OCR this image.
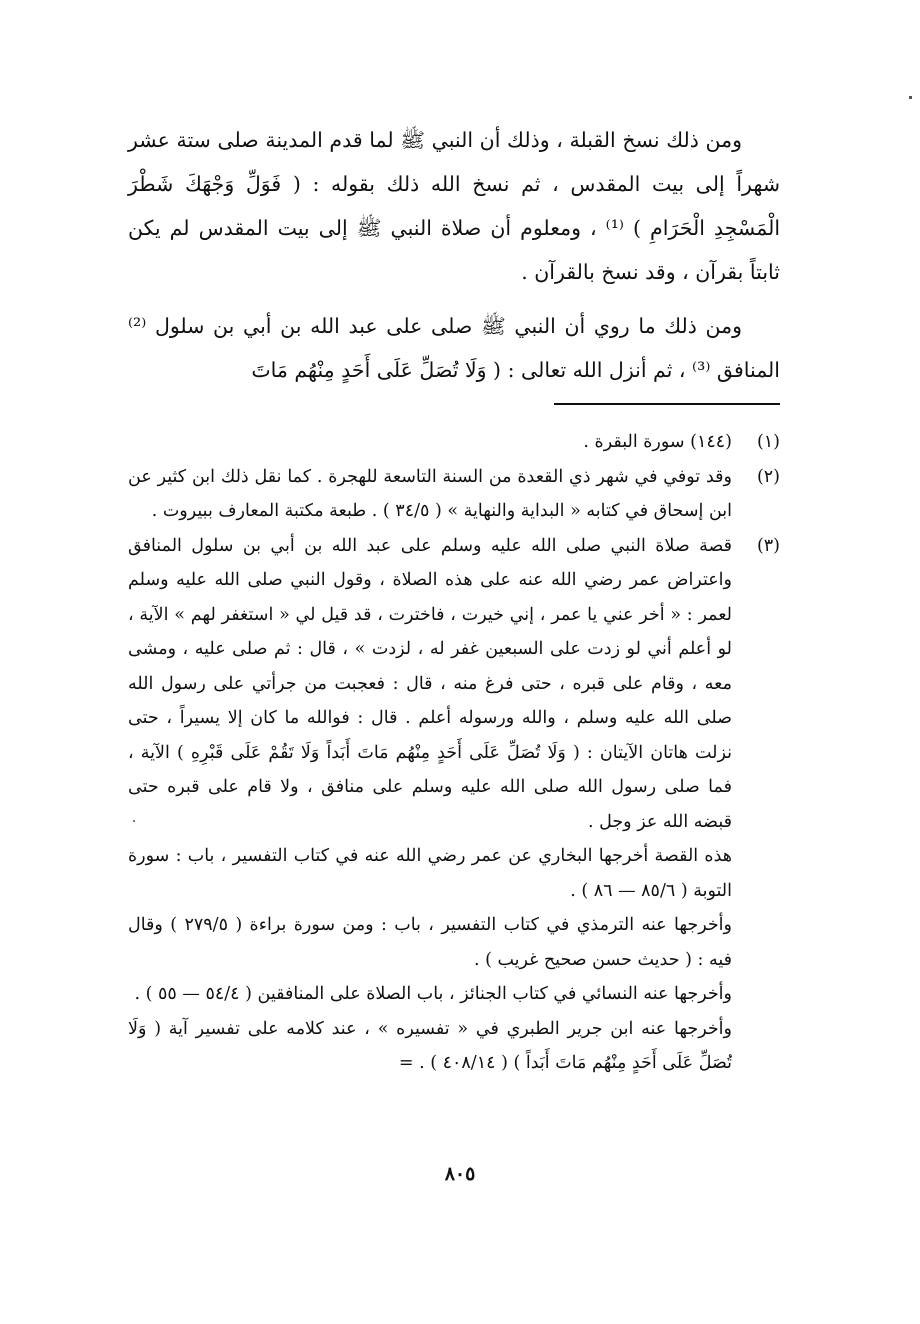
ومن ذلك نسخ القبلة ، وذلك أن النبي ﷺ لما قدم المدينة صلى ستة عشر شهراً إلى بيت المقدس ، ثم نسخ الله ذلك بقوله : ( فَوَلِّ وَجْهَكَ شَطْرَ الْمَسْجِدِ الْحَرَامِ ) ⁽¹⁾ ، ومعلوم أن صلاة النبي ﷺ إلى بيت المقدس لم يكن ثابتاً بقرآن ، وقد نسخ بالقرآن .

ومن ذلك ما روي أن النبي ﷺ صلى على عبد الله بن أبي بن سلول ⁽²⁾ المنافق ⁽³⁾ ، ثم أنزل الله تعالى : ( وَلَا تُصَلِّ عَلَى أَحَدٍ مِنْهُم مَاتَ

(١)

(١٤٤) سورة البقرة .

(٢)

وقد توفي في شهر ذي القعدة من السنة التاسعة للهجرة . كما نقل ذلك ابن كثير عن ابن إسحاق في كتابه « البداية والنهاية » ( ٣٤/٥ ) . طبعة مكتبة المعارف ببيروت .

(٣)

قصة صلاة النبي صلى الله عليه وسلم على عبد الله بن أبي بن سلول المنافق واعتراض عمر رضي الله عنه على هذه الصلاة ، وقول النبي صلى الله عليه وسلم لعمر : « أخر عني يا عمر ، إني خيرت ، فاخترت ، قد قيل لي « استغفر لهم » الآية ، لو أعلم أني لو زدت على السبعين غفر له ، لزدت » ، قال : ثم صلى عليه ، ومشى معه ، وقام على قبره ، حتى فرغ منه ، قال : فعجبت من جرأتي على رسول الله صلى الله عليه وسلم ، والله ورسوله أعلم . قال : فوالله ما كان إلا يسيراً ، حتى نزلت هاتان الآيتان : ( وَلَا تُصَلِّ عَلَى أَحَدٍ مِنْهُم مَاتَ أَبَداً وَلَا تَقُمْ عَلَى قَبْرِهِ ) الآية ، فما صلى رسول الله صلى الله عليه وسلم على منافق ، ولا قام على قبره حتى قبضه الله عز وجل .

هذه القصة أخرجها البخاري عن عمر رضي الله عنه في كتاب التفسير ، باب : سورة التوبة ( ٨٥/٦ — ٨٦ ) .

وأخرجها عنه الترمذي في كتاب التفسير ، باب : ومن سورة براءة ( ٢٧٩/٥ ) وقال فيه : ( حديث حسن صحيح غريب ) .

وأخرجها عنه النسائي في كتاب الجنائز ، باب الصلاة على المنافقين ( ٥٤/٤ — ٥٥ ) .

وأخرجها عنه ابن جرير الطبري في « تفسيره » ، عند كلامه على تفسير آية ( وَلَا تُصَلِّ عَلَى أَحَدٍ مِنْهُم مَاتَ أَبَداً ) ( ٤٠٨/١٤ ) . =

٨٠٥
